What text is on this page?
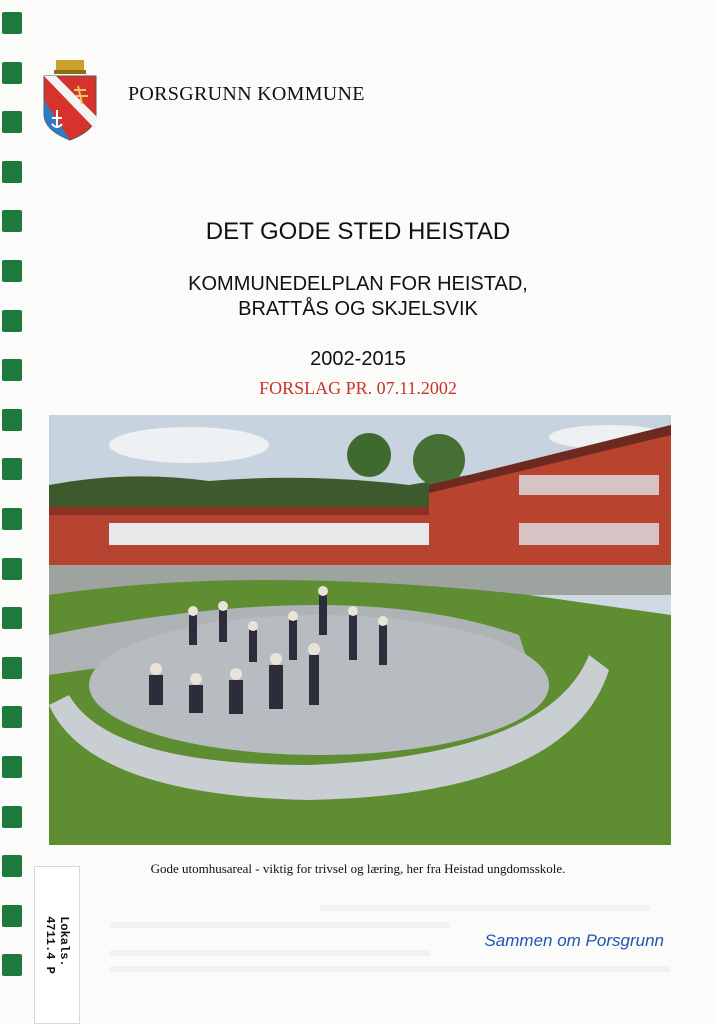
PORSGRUNN KOMMUNE
DET GODE STED HEISTAD
KOMMUNEDELPLAN FOR HEISTAD,
BRATTÅS OG SKJELSVIK
2002-2015
FORSLAG PR. 07.11.2002
Gode utomhusareal - viktig for trivsel og læring, her fra Heistad ungdomsskole.
Sammen om Porsgrunn
Lokals.
4711.4 P
